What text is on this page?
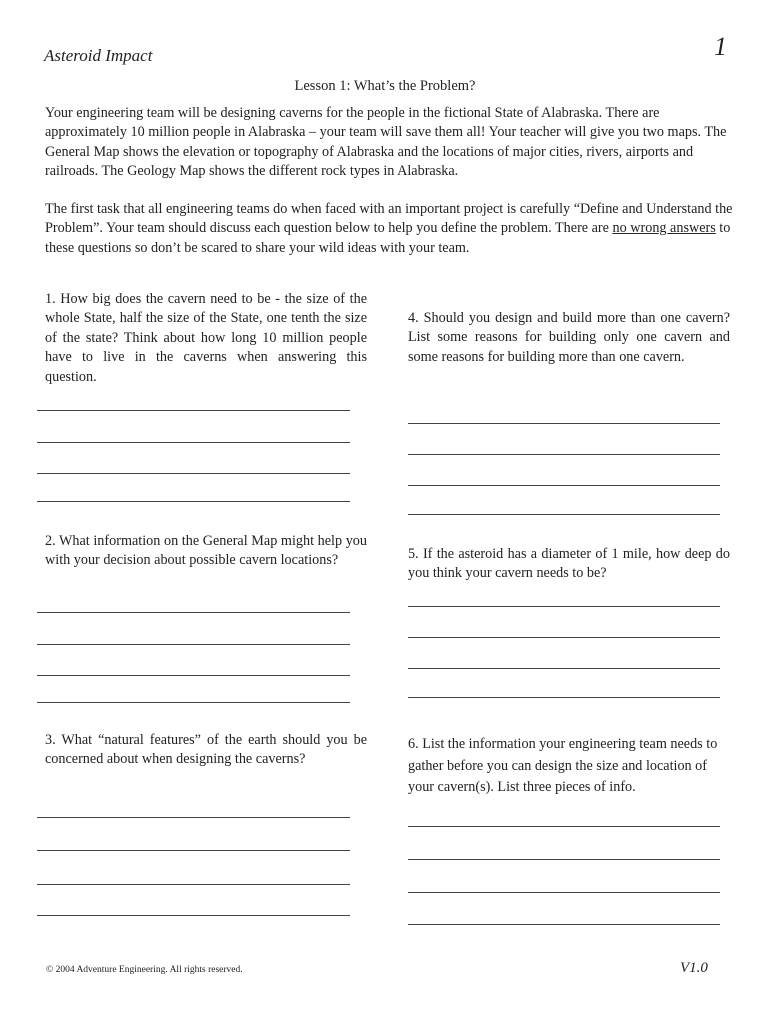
Asteroid Impact	1
Lesson 1: What’s the Problem?

Your engineering team will be designing caverns for the people in the fictional State of Alabraska. There are approximately 10 million people in Alabraska – your team will save them all! Your teacher will give you two maps. The General Map shows the elevation or topography of Alabraska and the locations of major cities, rivers, airports and railroads. The Geology Map shows the different rock types in Alabraska.

The first task that all engineering teams do when faced with an important project is carefully “Define and Understand the Problem”. Your team should discuss each question below to help you define the problem. There are no wrong answers to these questions so don’t be scared to share your wild ideas with your team.

1. How big does the cavern need to be - the size of the whole State, half the size of the State, one tenth the size of the state? Think about how long 10 million people have to live in the caverns when answering this question.

2. What information on the General Map might help you with your decision about possible cavern locations?

3. What “natural features” of the earth should you be concerned about when designing the caverns?

4. Should you design and build more than one cavern? List some reasons for building only one cavern and some reasons for building more than one cavern.

5. If the asteroid has a diameter of 1 mile, how deep do you think your cavern needs to be?

6. List the information your engineering team needs to gather before you can design the size and location of your cavern(s). List three pieces of info.

© 2004 Adventure Engineering. All rights reserved.	V1.0
